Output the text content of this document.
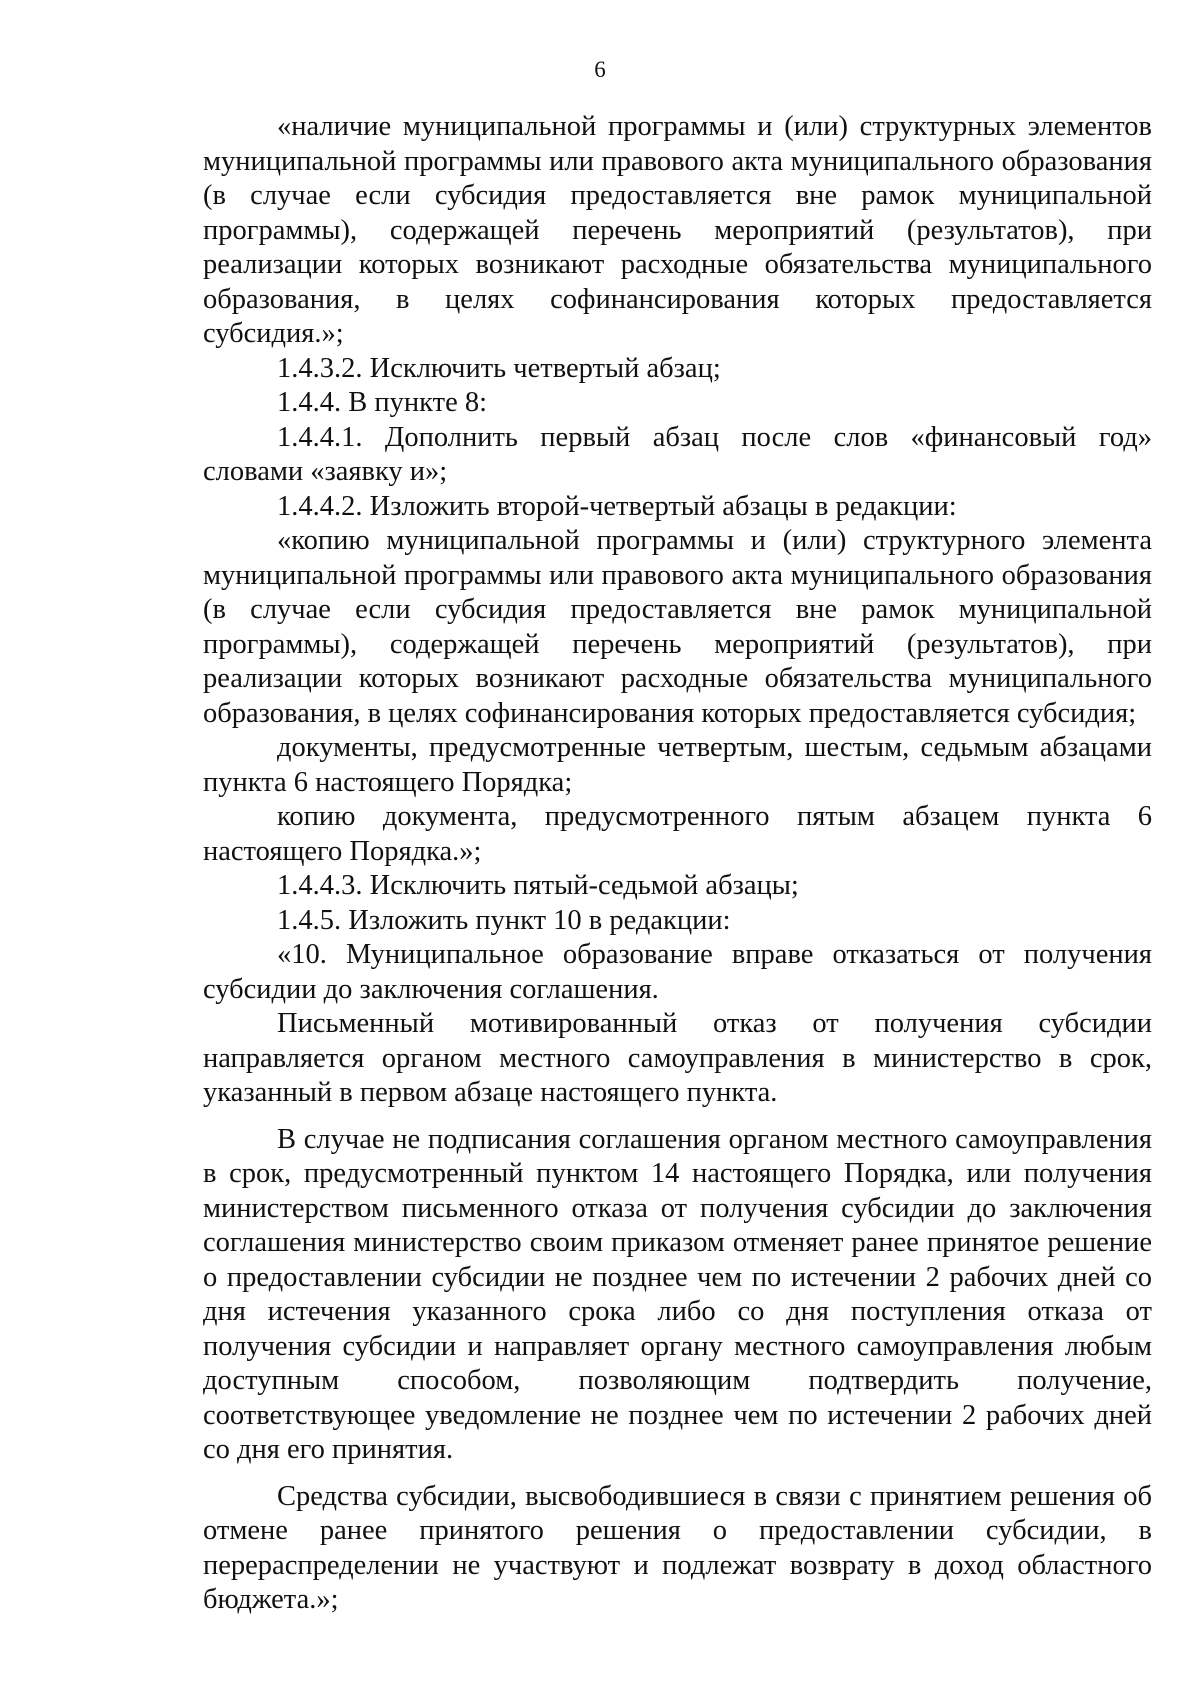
6

«наличие муниципальной программы и (или) структурных элементов муниципальной программы или правового акта муниципального образования (в случае если субсидия предоставляется вне рамок муниципальной программы), содержащей перечень мероприятий (результатов), при реализации которых возникают расходные обязательства муниципального образования, в целях софинансирования которых предоставляется субсидия.»;

1.4.3.2. Исключить четвертый абзац;

1.4.4. В пункте 8:

1.4.4.1. Дополнить первый абзац после слов «финансовый год» словами «заявку и»;

1.4.4.2. Изложить второй-четвертый абзацы в редакции:

«копию муниципальной программы и (или) структурного элемента муниципальной программы или правового акта муниципального образования (в случае если субсидия предоставляется вне рамок муниципальной программы), содержащей перечень мероприятий (результатов), при реализации которых возникают расходные обязательства муниципального образования, в целях софинансирования которых предоставляется субсидия;

документы, предусмотренные четвертым, шестым, седьмым абзацами пункта 6 настоящего Порядка;

копию документа, предусмотренного пятым абзацем пункта 6 настоящего Порядка.»;

1.4.4.3. Исключить пятый-седьмой абзацы;

1.4.5. Изложить пункт 10 в редакции:

«10. Муниципальное образование вправе отказаться от получения субсидии до заключения соглашения.

Письменный мотивированный отказ от получения субсидии направляется органом местного самоуправления в министерство в срок, указанный в первом абзаце настоящего пункта.

В случае не подписания соглашения органом местного самоуправления в срок, предусмотренный пунктом 14 настоящего Порядка, или получения министерством письменного отказа от получения субсидии до заключения соглашения министерство своим приказом отменяет ранее принятое решение о предоставлении субсидии не позднее чем по истечении 2 рабочих дней со дня истечения указанного срока либо со дня поступления отказа от получения субсидии и направляет органу местного самоуправления любым доступным способом, позволяющим подтвердить получение, соответствующее уведомление не позднее чем по истечении 2 рабочих дней со дня его принятия.

Средства субсидии, высвободившиеся в связи с принятием решения об отмене ранее принятого решения о предоставлении субсидии, в перераспределении не участвуют и подлежат возврату в доход областного бюджета.»;
